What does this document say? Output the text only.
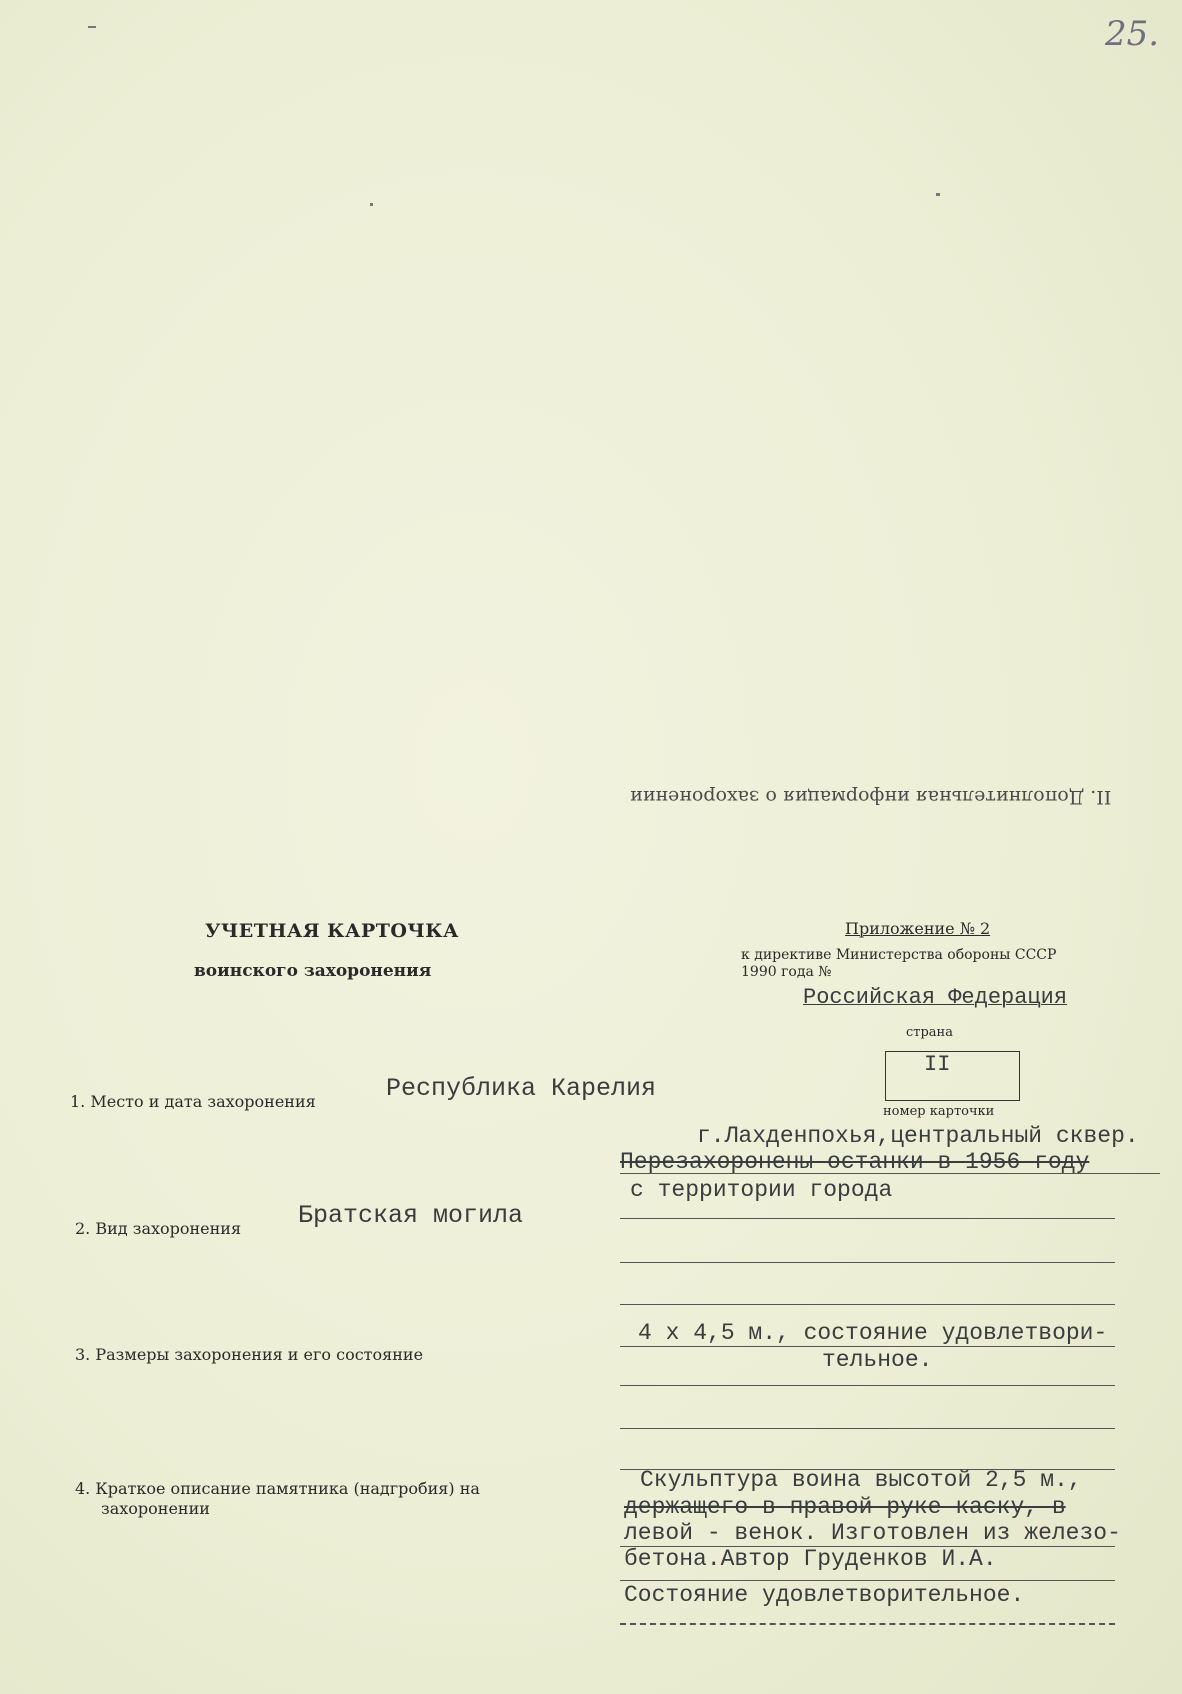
25.
II. Дополнительная информация о захоронении
УЧЕТНАЯ КАРТОЧКА
воинского захоронения
Приложение № 2
к директиве Министерства обороны СССР
1990 года №
Российская Федерация
страна
II
номер карточки
1. Место и дата захоронения	Республика Карелия
г.Лахденпохья,центральный сквер.
Перезахоронены останки в 1956 году
с территории города
2. Вид захоронения Братская могила
3. Размеры захоронения и его состояние
4 х 4,5 м., состояние удовлетвори-
тельное.
4. Краткое описание памятника (надгробия) на
захоронении
Скульптура воина высотой 2,5 м.,
держащего в правой руке каску, в
левой - венок. Изготовлен из железо-
бетона.Автор Груденков И.А.
Состояние удовлетворительное.
